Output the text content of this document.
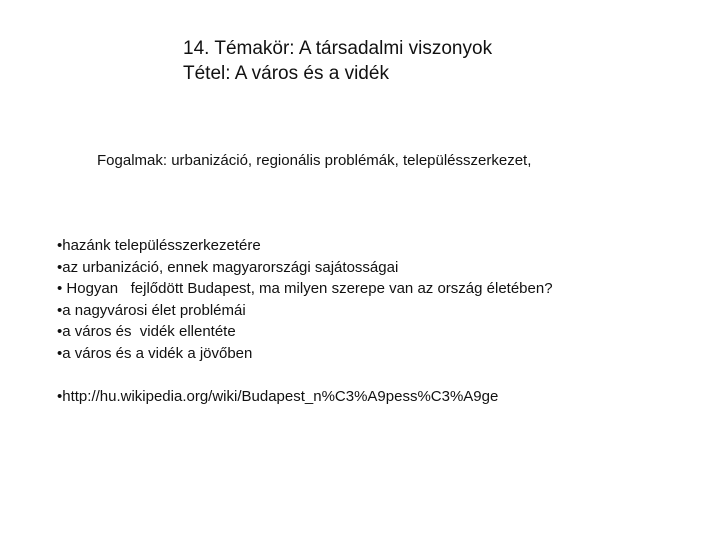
14. Témakör: A társadalmi viszonyok
Tétel: A város és a vidék
Fogalmak: urbanizáció, regionális problémák, településszerkezet,
•hazánk településszerkezetére
•az urbanizáció, ennek magyarországi sajátosságai
• Hogyan   fejlődött Budapest, ma milyen szerepe van az ország életében?
•a nagyvárosi élet problémái
•a város és  vidék ellentéte
•a város és a vidék a jövőben
•http://hu.wikipedia.org/wiki/Budapest_n%C3%A9pess%C3%A9ge
